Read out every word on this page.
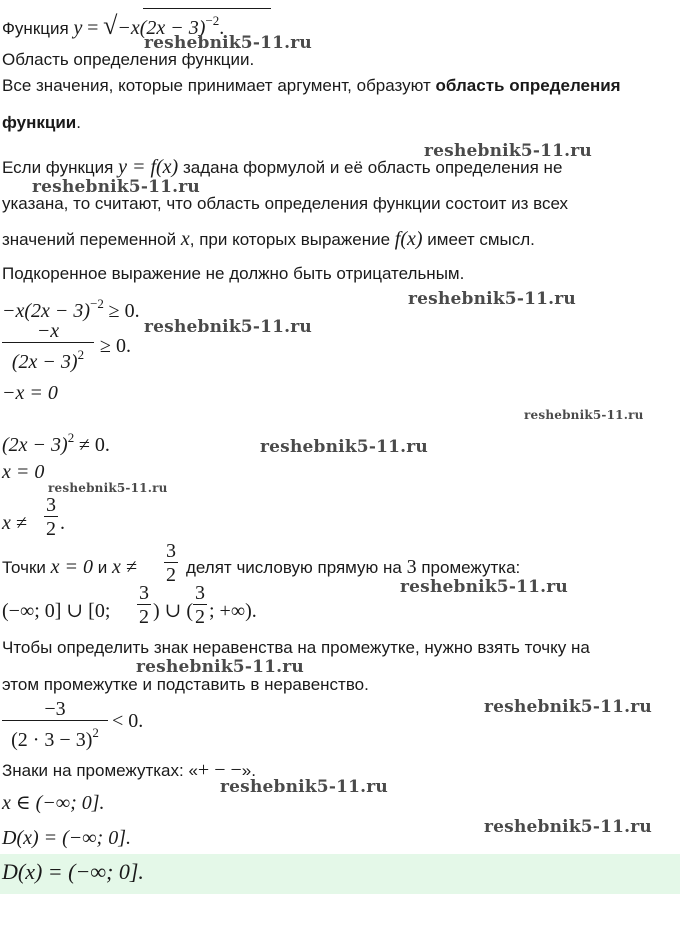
Функция $y = √-x(2x - 3)^{-2}$.
Область определения функции.
Все значения, которые принимает аргумент, образуют область определения
функции.
Если функция y = f(x) задана формулой и её область определения не
указана, то считают, что область определения функции состоит из всех
значений переменной x, при которых выражение f(x) имеет смысл.
Подкоренное выражение не должно быть отрицательным.
$-x(2x - 3)^{-2} \ge 0$.
−x
$(2x - 3)^2 \ge 0$.
−x = 0
$(2x - 3)^2 \ne 0$.
x = 0
x ≠
3
2 .
Точки x = 0 и x ≠
3
2 делят числовую прямую на 3 промежутка:
(−∞; 0] ∪ [0;
3
2 ) ∪ (
3
2 ; +∞).
Чтобы определить знак неравенства на промежутке, нужно взять точку на
этом промежутке и подставить в неравенство.
−3
$(2 \cdot 3 - 3)^2$
< 0.
Знаки на промежутках: «+ − −».
x ∈ (−∞; 0].
D(x) = (−∞; 0].
D(x) = (−∞; 0].
reshebnik5-11.ru
reshebnik5-11.ru
reshebnik5-11.ru
reshebnik5-11.ru
reshebnik5-11.ru
reshebnik5-11.ru
reshebnik5-11.ru
reshebnik5-11.ru
reshebnik5-11.ru
reshebnik5-11.ru
reshebnik5-11.ru
reshebnik5-11.ru
reshebnik5-11.ru
